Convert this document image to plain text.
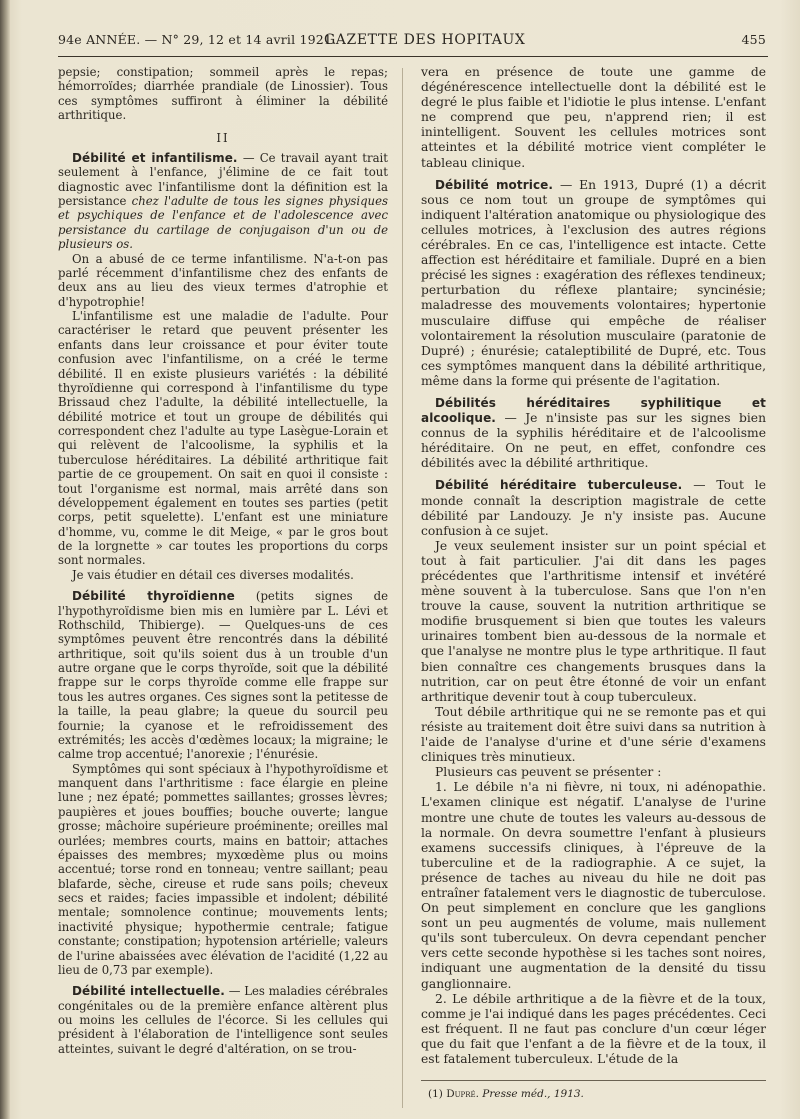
94e ANNÉE. — N° 29, 12 et 14 avril 1921.
GAZETTE DES HOPITAUX	455

pepsie; constipation; sommeil après le repas; hémorroïdes; diarrhée prandiale (de Linossier). Tous ces symptômes suffiront à éliminer la débilité arthritique.

II

Débilité et infantilisme. — Ce travail ayant trait seulement à l'enfance, j'élimine de ce fait tout diagnostic avec l'infantilisme dont la définition est la persistance chez l'adulte de tous les signes physiques et psychiques de l'enfance et de l'adolescence avec persistance du cartilage de conjugaison d'un ou de plusieurs os.

On a abusé de ce terme infantilisme. N'a-t-on pas parlé récemment d'infantilisme chez des enfants de deux ans au lieu des vieux termes d'atrophie et d'hypotrophie!

L'infantilisme est une maladie de l'adulte. Pour caractériser le retard que peuvent présenter les enfants dans leur croissance et pour éviter toute confusion avec l'infantilisme, on a créé le terme débilité. Il en existe plusieurs variétés : la débilité thyroïdienne qui correspond à l'infantilisme du type Brissaud chez l'adulte, la débilité intellectuelle, la débilité motrice et tout un groupe de débilités qui correspondent chez l'adulte au type Lasègue-Lorain et qui relèvent de l'alcoolisme, la syphilis et la tuberculose héréditaires. La débilité arthritique fait partie de ce groupement. On sait en quoi il consiste : tout l'organisme est normal, mais arrêté dans son développement également en toutes ses parties (petit corps, petit squelette). L'enfant est une miniature d'homme, vu, comme le dit Meige, « par le gros bout de la lorgnette » car toutes les proportions du corps sont normales.

Je vais étudier en détail ces diverses modalités.

Débilité thyroïdienne (petits signes de l'hypothyroïdisme bien mis en lumière par L. Lévi et Rothschild, Thibierge). — Quelques-uns de ces symptômes peuvent être rencontrés dans la débilité arthritique, soit qu'ils soient dus à un trouble d'un autre organe que le corps thyroïde, soit que la débilité frappe sur le corps thyroïde comme elle frappe sur tous les autres organes. Ces signes sont la petitesse de la taille, la peau glabre; la queue du sourcil peu fournie; la cyanose et le refroidissement des extrémités; les accès d'œdèmes locaux; la migraine; le calme trop accentué; l'anorexie ; l'énurésie.

Symptômes qui sont spéciaux à l'hypothyroïdisme et manquent dans l'arthritisme : face élargie en pleine lune ; nez épaté; pommettes saillantes; grosses lèvres; paupières et joues bouffies; bouche ouverte; langue grosse; mâchoire supérieure proéminente; oreilles mal ourlées; membres courts, mains en battoir; attaches épaisses des membres; myxœdème plus ou moins accentué; torse rond en tonneau; ventre saillant; peau blafarde, sèche, cireuse et rude sans poils; cheveux secs et raides; facies impassible et indolent; débilité mentale; somnolence continue; mouvements lents; inactivité physique; hypothermie centrale; fatigue constante; constipation; hypotension artérielle; valeurs de l'urine abaissées avec élévation de l'acidité (1,22 au lieu de 0,73 par exemple).

Débilité intellectuelle. — Les maladies cérébrales congénitales ou de la première enfance altèrent plus ou moins les cellules de l'écorce. Si les cellules qui président à l'élaboration de l'intelligence sont seules atteintes, suivant le degré d'altération, on se trou-

vera en présence de toute une gamme de dégénérescence intellectuelle dont la débilité est le degré le plus faible et l'idiotie le plus intense. L'enfant ne comprend que peu, n'apprend rien; il est inintelligent. Souvent les cellules motrices sont atteintes et la débilité motrice vient compléter le tableau clinique.

Débilité motrice. — En 1913, Dupré (1) a décrit sous ce nom tout un groupe de symptômes qui indiquent l'altération anatomique ou physiologique des cellules motrices, à l'exclusion des autres régions cérébrales. En ce cas, l'intelligence est intacte. Cette affection est héréditaire et familiale. Dupré en a bien précisé les signes : exagération des réflexes tendineux; perturbation du réflexe plantaire; syncinésie; maladresse des mouvements volontaires; hypertonie musculaire diffuse qui empêche de réaliser volontairement la résolution musculaire (paratonie de Dupré) ; énurésie; cataleptibilité de Dupré, etc. Tous ces symptômes manquent dans la débilité arthritique, même dans la forme qui présente de l'agitation.

Débilités héréditaires syphilitique et alcoolique. — Je n'insiste pas sur les signes bien connus de la syphilis héréditaire et de l'alcoolisme héréditaire. On ne peut, en effet, confondre ces débilités avec la débilité arthritique.

Débilité héréditaire tuberculeuse. — Tout le monde connaît la description magistrale de cette débilité par Landouzy. Je n'y insiste pas. Aucune confusion à ce sujet.

Je veux seulement insister sur un point spécial et tout à fait particulier. J'ai dit dans les pages précédentes que l'arthritisme intensif et invétéré mène souvent à la tuberculose. Sans que l'on n'en trouve la cause, souvent la nutrition arthritique se modifie brusquement si bien que toutes les valeurs urinaires tombent bien au-dessous de la normale et que l'analyse ne montre plus le type arthritique. Il faut bien connaître ces changements brusques dans la nutrition, car on peut être étonné de voir un enfant arthritique devenir tout à coup tuberculeux.

Tout débile arthritique qui ne se remonte pas et qui résiste au traitement doit être suivi dans sa nutrition à l'aide de l'analyse d'urine et d'une série d'examens cliniques très minutieux.

Plusieurs cas peuvent se présenter :

1. Le débile n'a ni fièvre, ni toux, ni adénopathie. L'examen clinique est négatif. L'analyse de l'urine montre une chute de toutes les valeurs au-dessous de la normale. On devra soumettre l'enfant à plusieurs examens successifs cliniques, à l'épreuve de la tuberculine et de la radiographie. A ce sujet, la présence de taches au niveau du hile ne doit pas entraîner fatalement vers le diagnostic de tuberculose. On peut simplement en conclure que les ganglions sont un peu augmentés de volume, mais nullement qu'ils sont tuberculeux. On devra cependant pencher vers cette seconde hypothèse si les taches sont noires, indiquant une augmentation de la densité du tissu ganglionnaire.

2. Le débile arthritique a de la fièvre et de la toux, comme je l'ai indiqué dans les pages précédentes. Ceci est fréquent. Il ne faut pas conclure d'un cœur léger que du fait que l'enfant a de la fièvre et de la toux, il est fatalement tuberculeux. L'étude de la

(1) Dupré. Presse méd., 1913.
